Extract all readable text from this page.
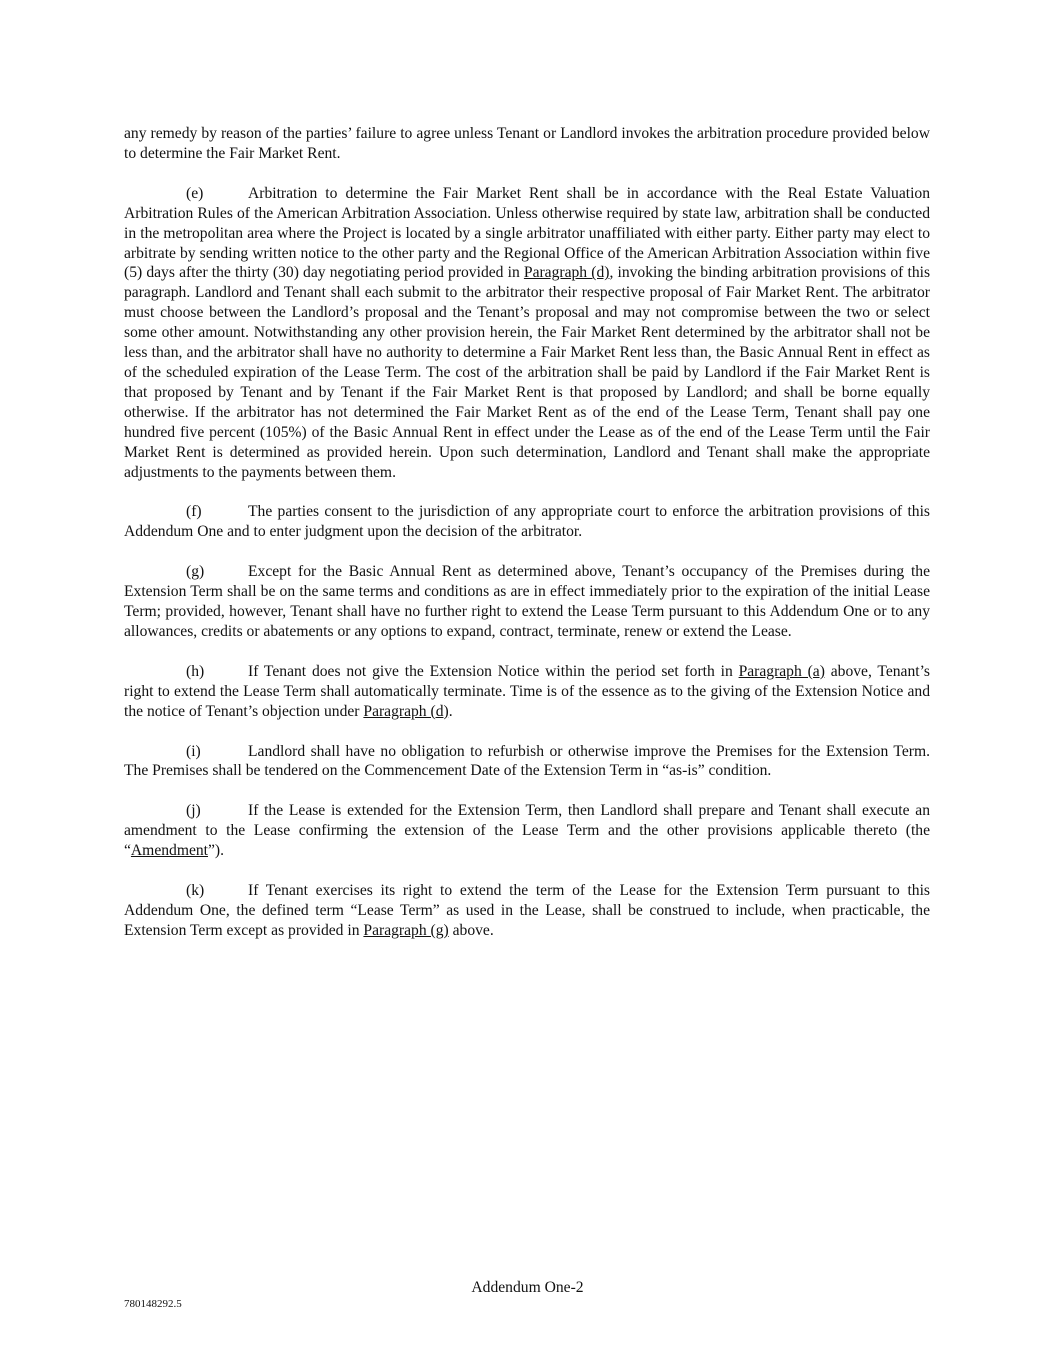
any remedy by reason of the parties’ failure to agree unless Tenant or Landlord invokes the arbitration procedure provided below to determine the Fair Market Rent.

(e)	Arbitration to determine the Fair Market Rent shall be in accordance with the Real Estate Valuation Arbitration Rules of the American Arbitration Association. Unless otherwise required by state law, arbitration shall be conducted in the metropolitan area where the Project is located by a single arbitrator unaffiliated with either party. Either party may elect to arbitrate by sending written notice to the other party and the Regional Office of the American Arbitration Association within five (5) days after the thirty (30) day negotiating period provided in Paragraph (d), invoking the binding arbitration provisions of this paragraph. Landlord and Tenant shall each submit to the arbitrator their respective proposal of Fair Market Rent. The arbitrator must choose between the Landlord’s proposal and the Tenant’s proposal and may not compromise between the two or select some other amount. Notwithstanding any other provision herein, the Fair Market Rent determined by the arbitrator shall not be less than, and the arbitrator shall have no authority to determine a Fair Market Rent less than, the Basic Annual Rent in effect as of the scheduled expiration of the Lease Term. The cost of the arbitration shall be paid by Landlord if the Fair Market Rent is that proposed by Tenant and by Tenant if the Fair Market Rent is that proposed by Landlord; and shall be borne equally otherwise. If the arbitrator has not determined the Fair Market Rent as of the end of the Lease Term, Tenant shall pay one hundred five percent (105%) of the Basic Annual Rent in effect under the Lease as of the end of the Lease Term until the Fair Market Rent is determined as provided herein. Upon such determination, Landlord and Tenant shall make the appropriate adjustments to the payments between them.

(f)	The parties consent to the jurisdiction of any appropriate court to enforce the arbitration provisions of this Addendum One and to enter judgment upon the decision of the arbitrator.

(g)	Except for the Basic Annual Rent as determined above, Tenant’s occupancy of the Premises during the Extension Term shall be on the same terms and conditions as are in effect immediately prior to the expiration of the initial Lease Term; provided, however, Tenant shall have no further right to extend the Lease Term pursuant to this Addendum One or to any allowances, credits or abatements or any options to expand, contract, terminate, renew or extend the Lease.

(h)	If Tenant does not give the Extension Notice within the period set forth in Paragraph (a) above, Tenant’s right to extend the Lease Term shall automatically terminate. Time is of the essence as to the giving of the Extension Notice and the notice of Tenant’s objection under Paragraph (d).

(i)	Landlord shall have no obligation to refurbish or otherwise improve the Premises for the Extension Term. The Premises shall be tendered on the Commencement Date of the Extension Term in “as-is” condition.

(j)	If the Lease is extended for the Extension Term, then Landlord shall prepare and Tenant shall execute an amendment to the Lease confirming the extension of the Lease Term and the other provisions applicable thereto (the “Amendment”).

(k)	If Tenant exercises its right to extend the term of the Lease for the Extension Term pursuant to this Addendum One, the defined term “Lease Term” as used in the Lease, shall be construed to include, when practicable, the Extension Term except as provided in Paragraph (g) above.

Addendum One-2
780148292.5
